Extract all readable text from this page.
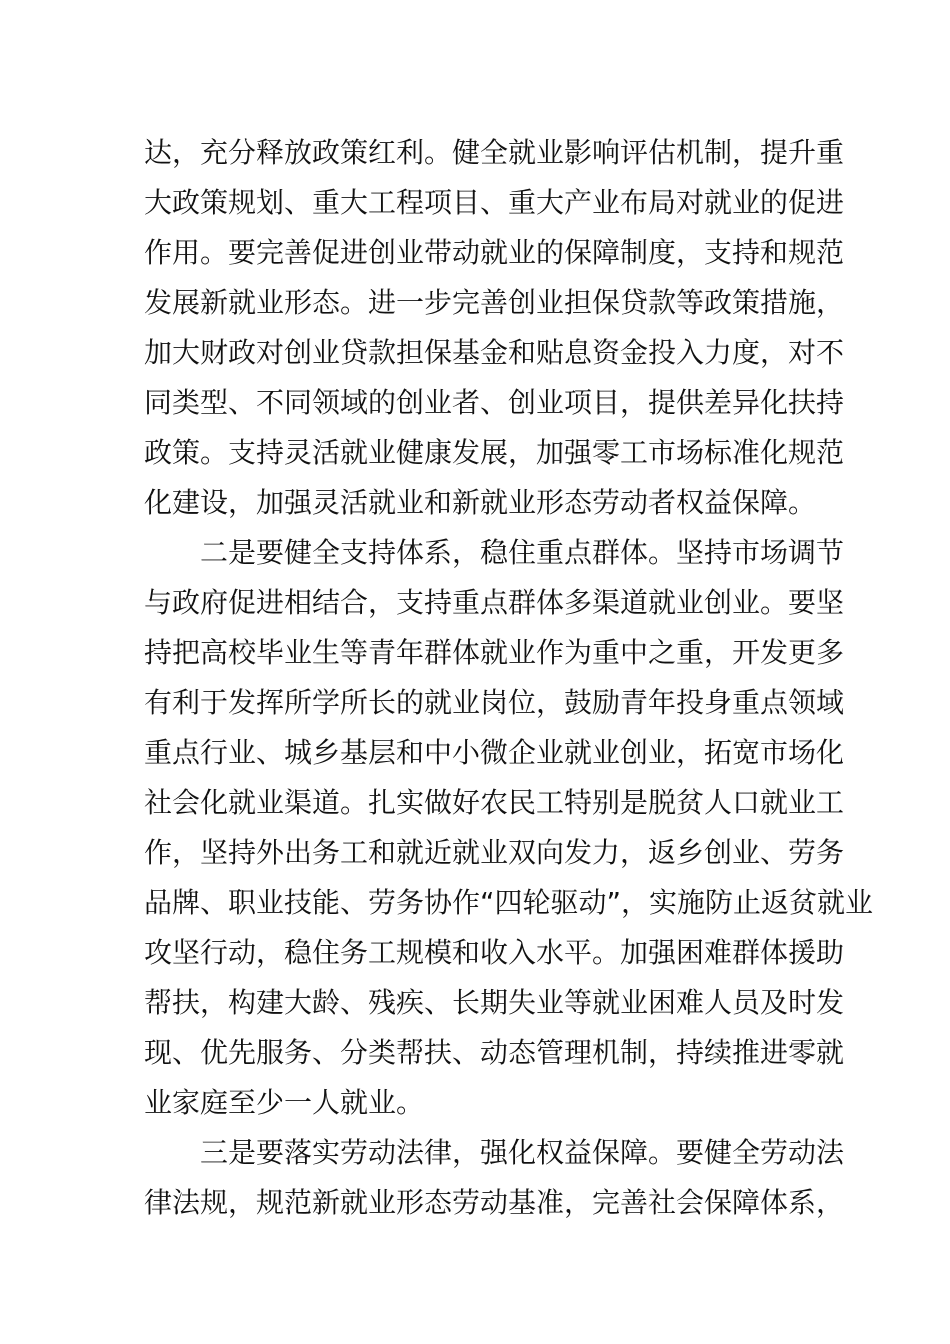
达，充分释放政策红利。健全就业影响评估机制，提升重
大政策规划、重大工程项目、重大产业布局对就业的促进
作用。要完善促进创业带动就业的保障制度，支持和规范
发展新就业形态。进一步完善创业担保贷款等政策措施，
加大财政对创业贷款担保基金和贴息资金投入力度，对不
同类型、不同领域的创业者、创业项目，提供差异化扶持
政策。支持灵活就业健康发展，加强零工市场标准化规范
化建设，加强灵活就业和新就业形态劳动者权益保障。
二是要健全支持体系，稳住重点群体。坚持市场调节
与政府促进相结合，支持重点群体多渠道就业创业。要坚
持把高校毕业生等青年群体就业作为重中之重，开发更多
有利于发挥所学所长的就业岗位，鼓励青年投身重点领域
重点行业、城乡基层和中小微企业就业创业，拓宽市场化
社会化就业渠道。扎实做好农民工特别是脱贫人口就业工
作，坚持外出务工和就近就业双向发力，返乡创业、劳务
品牌、职业技能、劳务协作“四轮驱动”，实施防止返贫就业
攻坚行动，稳住务工规模和收入水平。加强困难群体援助
帮扶，构建大龄、残疾、长期失业等就业困难人员及时发
现、优先服务、分类帮扶、动态管理机制，持续推进零就
业家庭至少一人就业。
三是要落实劳动法律，强化权益保障。要健全劳动法
律法规，规范新就业形态劳动基准，完善社会保障体系，
